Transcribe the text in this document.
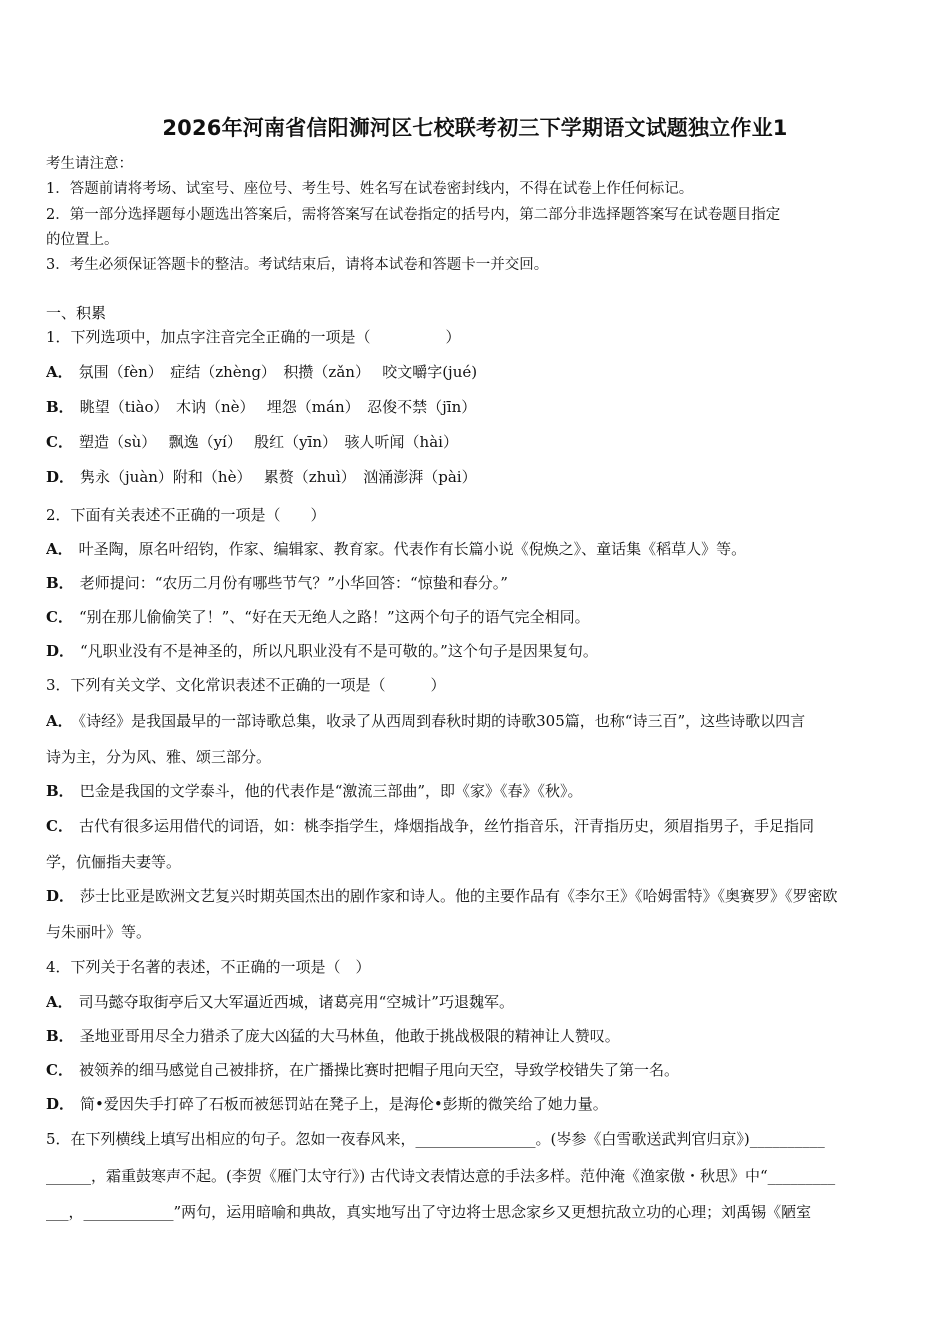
2026年河南省信阳浉河区七校联考初三下学期语文试题独立作业1
考生请注意：
1．答题前请将考场、试室号、座位号、考生号、姓名写在试卷密封线内，不得在试卷上作任何标记。
2．第一部分选择题每小题选出答案后，需将答案写在试卷指定的括号内，第二部分非选择题答案写在试卷题目指定
的位置上。
3．考生必须保证答题卡的整洁。考试结束后，请将本试卷和答题卡一并交回。
一、积累
1．下列选项中，加点字注音完全正确的一项是（　　　　　）
A． 氛围（fèn）　症结（zhèng）　积攒（zǎn）　 咬文嚼字(jué)
B． 眺望（tiào）　木讷（nè）　 埋怨（mán）　忍俊不禁（jīn）
C． 塑造（sù）　 飘逸（yí）　 殷红（yīn）　骇人听闻（hài）
D． 隽永（juàn）附和（hè）　 累赘（zhuì）　汹涌澎湃（pài）
2．下面有关表述不正确的一项是（　　）
A． 叶圣陶，原名叶绍钧，作家、编辑家、教育家。代表作有长篇小说《倪焕之》、童话集《稻草人》等。
B． 老师提问：“农历二月份有哪些节气？”小华回答：“惊蛰和春分。”
C． “别在那儿偷偷笑了！”、“好在天无绝人之路！”这两个句子的语气完全相同。
D． “凡职业没有不是神圣的，所以凡职业没有不是可敬的。”这个句子是因果复句。
3．下列有关文学、文化常识表述不正确的一项是（　　　）
A． 《诗经》是我国最早的一部诗歌总集，收录了从西周到春秋时期的诗歌305篇，也称“诗三百”，这些诗歌以四言
诗为主，分为风、雅、颂三部分。
B． 巴金是我国的文学泰斗，他的代表作是“激流三部曲”，即《家》《春》《秋》。
C． 古代有很多运用借代的词语，如：桃李指学生，烽烟指战争，丝竹指音乐，汗青指历史，须眉指男子，手足指同
学，伉俪指夫妻等。
D． 莎士比亚是欧洲文艺复兴时期英国杰出的剧作家和诗人。他的主要作品有《李尔王》《哈姆雷特》《奥赛罗》《罗密欧
与朱丽叶》等。
4．下列关于名著的表述，不正确的一项是（　）
A． 司马懿夺取街亭后又大军逼近西城，诸葛亮用“空城计”巧退魏军。
B． 圣地亚哥用尽全力猎杀了庞大凶猛的大马林鱼，他敢于挑战极限的精神让人赞叹。
C． 被领养的细马感觉自己被排挤，在广播操比赛时把帽子甩向天空，导致学校错失了第一名。
D． 简•爱因失手打碎了石板而被惩罚站在凳子上，是海伦•彭斯的微笑给了她力量。
5．在下列横线上填写出相应的句子。忽如一夜春风来，________________。(岑参《白雪歌送武判官归京》)__________
______，霜重鼓寒声不起。(李贺《雁门太守行》) 古代诗文表情达意的手法多样。范仲淹《渔家傲・秋思》中“_________
___，____________”两句，运用暗喻和典故，真实地写出了守边将士思念家乡又更想抗敌立功的心理；刘禹锡《陋室
